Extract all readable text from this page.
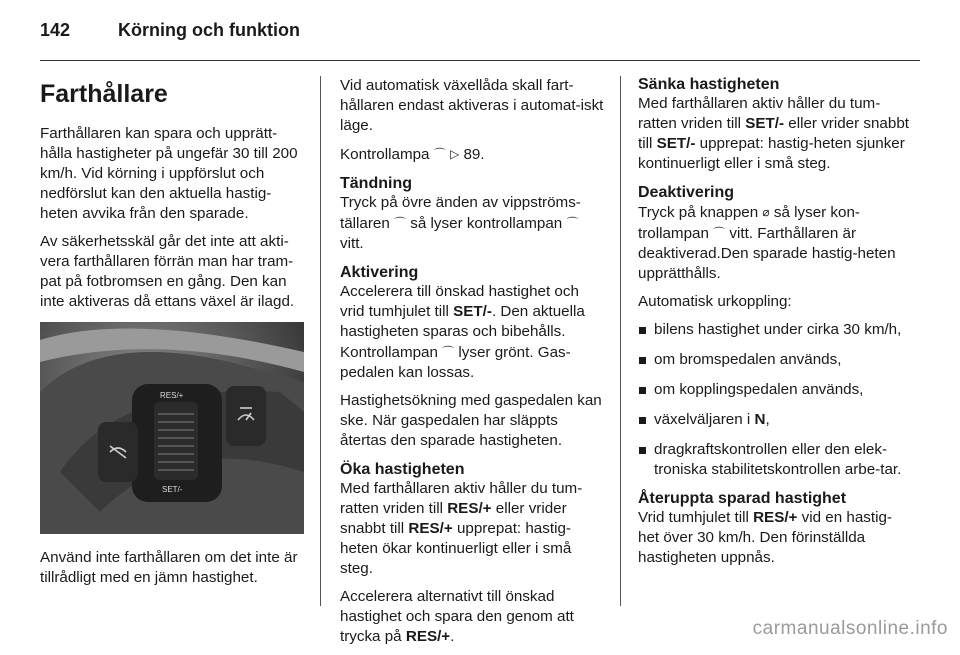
142	Körning och funktion
Farthållare

Farthållaren kan spara och upprätt-hålla hastigheter på ungefär 30 till 200 km/h. Vid körning i uppförslut och nedförslut kan den aktuella hastig-heten avvika från den sparade.

Av säkerhetsskäl går det inte att akti-vera farthållaren förrän man har tram-pat på fotbromsen en gång. Den kan inte aktiveras då ettans växel är ilagd.

RES/+
SET/-

Använd inte farthållaren om det inte är tillrådligt med en jämn hastighet.

Vid automatisk växellåda skall fart-hållaren endast aktiveras i automat-iskt läge.

Kontrollampa ⌒ ▷ 89.

Tändning

Tryck på övre änden av vippströms-tällaren ⌒ så lyser kontrollampan ⌒ vitt.

Aktivering

Accelerera till önskad hastighet och vrid tumhjulet till SET/-. Den aktuella hastigheten sparas och bibehålls. Kontrollampan ⌒ lyser grönt. Gas-pedalen kan lossas.

Hastighetsökning med gaspedalen kan ske. När gaspedalen har släppts återtas den sparade hastigheten.

Öka hastigheten

Med farthållaren aktiv håller du tum-ratten vriden till RES/+ eller vrider snabbt till RES/+ upprepat: hastig-heten ökar kontinuerligt eller i små steg.

Accelerera alternativt till önskad hastighet och spara den genom att trycka på RES/+.

Sänka hastigheten

Med farthållaren aktiv håller du tum-ratten vriden till SET/- eller vrider snabbt till SET/- upprepat: hastig-heten sjunker kontinuerligt eller i små steg.

Deaktivering

Tryck på knappen ⌀ så lyser kon-trollampan ⌒ vitt. Farthållaren är deaktiverad.Den sparade hastig-heten upprätthålls.

Automatisk urkoppling:

bilens hastighet under cirka 30 km/h,
om bromspedalen används,
om kopplingspedalen används,
växelväljaren i N,
dragkraftskontrollen eller den elek-troniska stabilitetskontrollen arbe-tar.
Återuppta sparad hastighet

Vrid tumhjulet till RES/+ vid en hastig-het över 30 km/h. Den förinställda hastigheten uppnås.

carmanualsonline.info
